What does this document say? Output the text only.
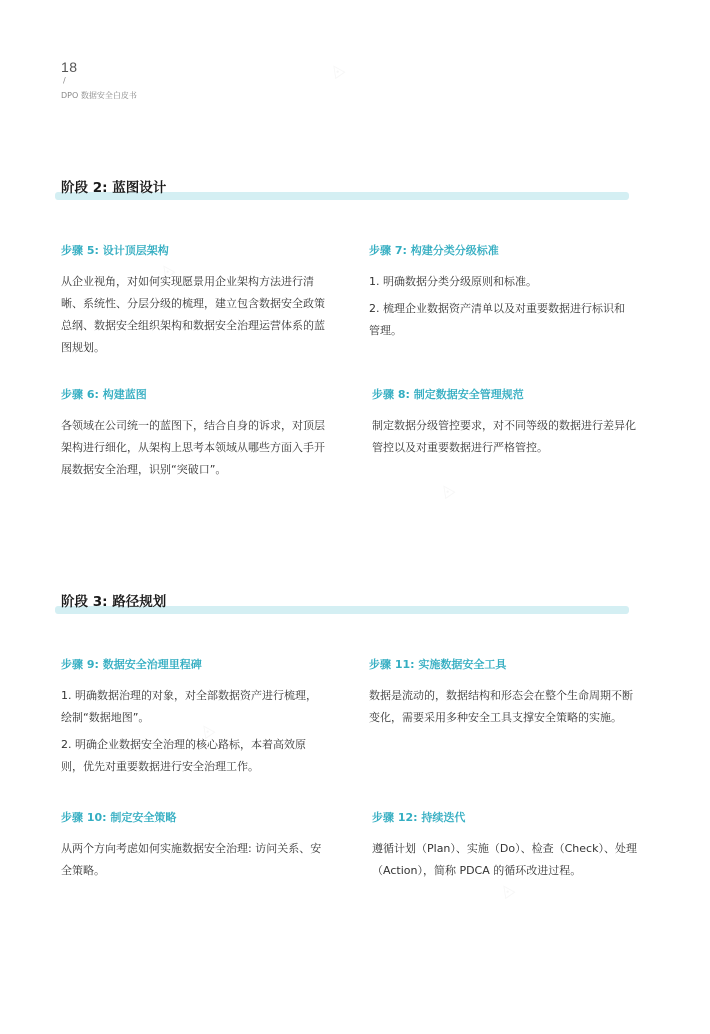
◬
◬
◬
◬
◬
18
/
DPO 数据安全白皮书
阶段 2: 蓝图设计
步骤 5: 设计顶层架构

从企业视角，对如何实现愿景用企业架构方法进行清晰、系统性、分层分级的梳理，建立包含数据安全政策总纲、数据安全组织架构和数据安全治理运营体系的蓝图规划。

步骤 6: 构建蓝图

各领域在公司统一的蓝图下，结合自身的诉求，对顶层架构进行细化，从架构上思考本领域从哪些方面入手开展数据安全治理，识别“突破口”。

步骤 7: 构建分类分级标准

1. 明确数据分类分级原则和标准。

2. 梳理企业数据资产清单以及对重要数据进行标识和管理。

步骤 8: 制定数据安全管理规范

制定数据分级管控要求，对不同等级的数据进行差异化管控以及对重要数据进行严格管控。

阶段 3: 路径规划
步骤 9: 数据安全治理里程碑

1. 明确数据治理的对象，对全部数据资产进行梳理，绘制“数据地图”。

2. 明确企业数据安全治理的核心路标，本着高效原则，优先对重要数据进行安全治理工作。

步骤 10: 制定安全策略

从两个方向考虑如何实施数据安全治理: 访问关系、安全策略。

步骤 11: 实施数据安全工具

数据是流动的，数据结构和形态会在整个生命周期不断变化，需要采用多种安全工具支撑安全策略的实施。

步骤 12: 持续迭代

遵循计划（Plan）、实施（Do）、检查（Check）、处理（Action），简称 PDCA 的循环改进过程。
